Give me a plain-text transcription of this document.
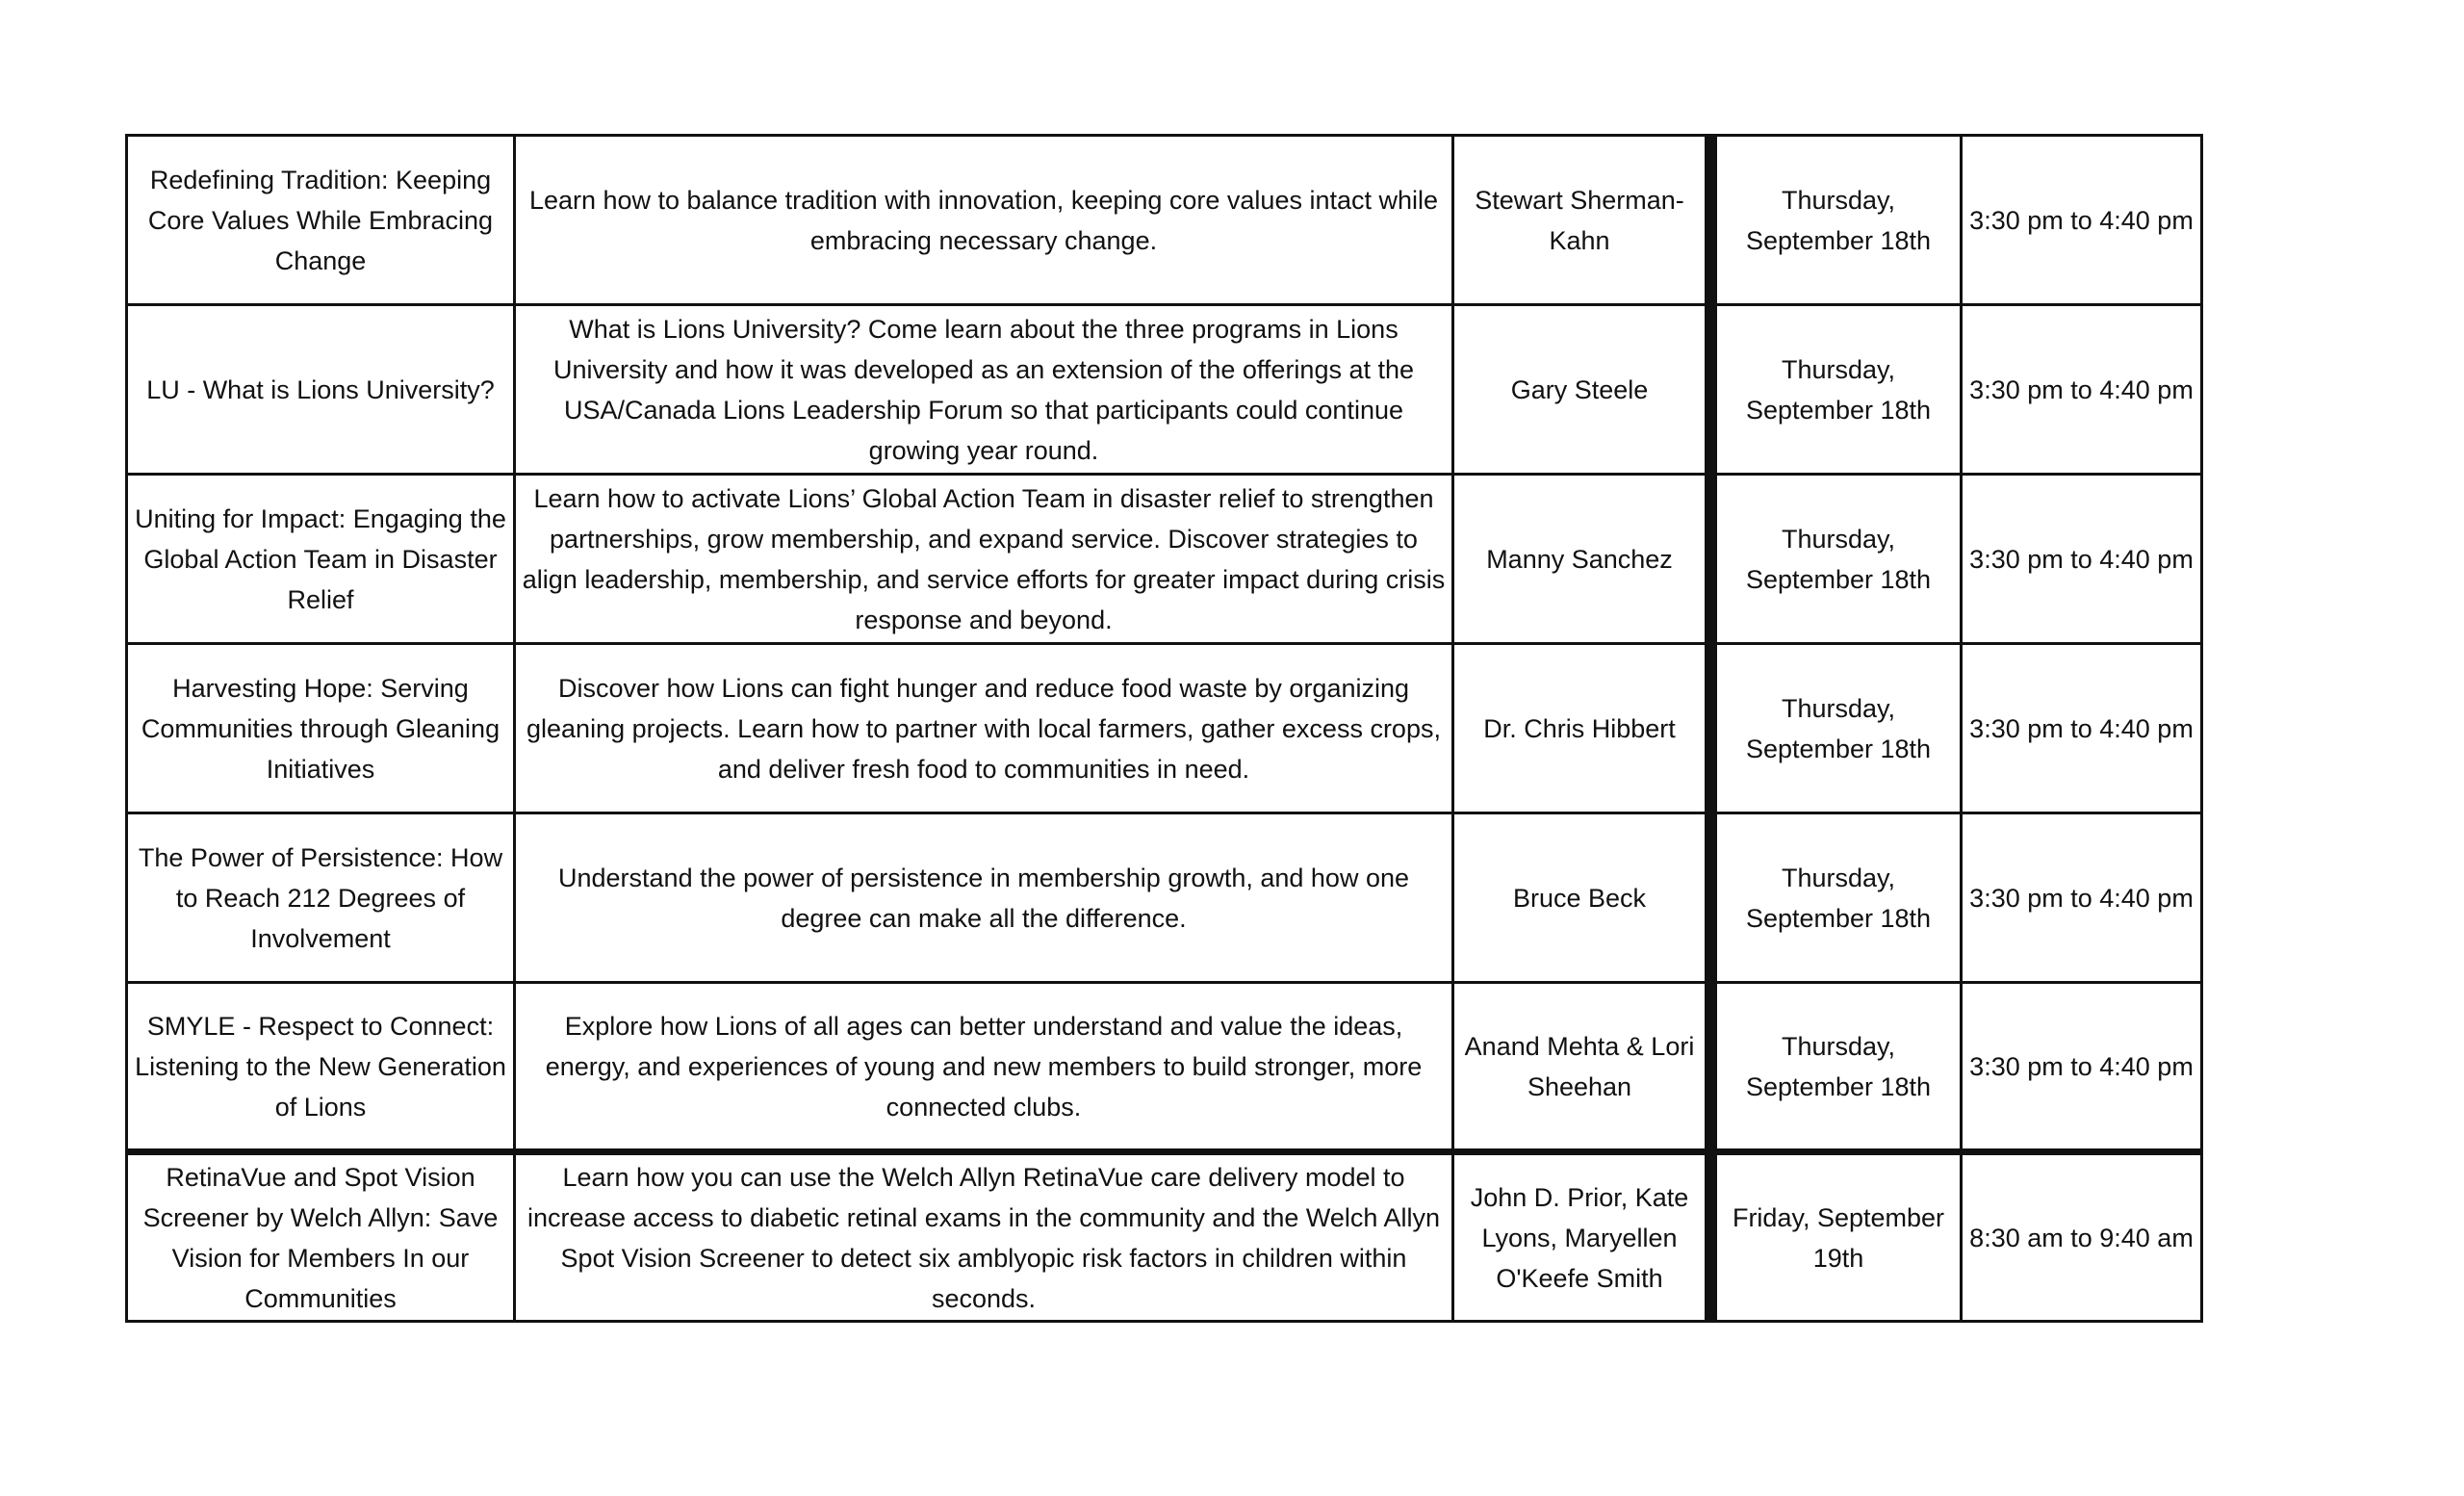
Redefining Tradition: Keeping Core Values While Embracing Change	Learn how to balance tradition with innovation, keeping core values intact while embracing necessary change.	Stewart Sherman-Kahn	Thursday, September 18th	3:30 pm to 4:40 pm
LU - What is Lions University?	What is Lions University? Come learn about the three programs in Lions University and how it was developed as an extension of the offerings at the USA/Canada Lions Leadership Forum so that participants could continue growing year round.	Gary Steele	Thursday, September 18th	3:30 pm to 4:40 pm
Uniting for Impact: Engaging the Global Action Team in Disaster Relief	Learn how to activate Lions’ Global Action Team in disaster relief to strengthen partnerships, grow membership, and expand service. Discover strategies to align leadership, membership, and service efforts for greater impact during crisis response and beyond.	Manny Sanchez	Thursday, September 18th	3:30 pm to 4:40 pm
Harvesting Hope: Serving Communities through Gleaning Initiatives	Discover how Lions can fight hunger and reduce food waste by organizing gleaning projects. Learn how to partner with local farmers, gather excess crops, and deliver fresh food to communities in need.	Dr. Chris Hibbert	Thursday, September 18th	3:30 pm to 4:40 pm
The Power of Persistence: How to Reach 212 Degrees of Involvement	Understand the power of persistence in membership growth, and how one degree can make all the difference.	Bruce Beck	Thursday, September 18th	3:30 pm to 4:40 pm
SMYLE - Respect to Connect: Listening to the New Generation of Lions	Explore how Lions of all ages can better understand and value the ideas, energy, and experiences of young and new members to build stronger, more connected clubs.	Anand Mehta & Lori Sheehan	Thursday, September 18th	3:30 pm to 4:40 pm
RetinaVue and Spot Vision Screener by Welch Allyn: Save Vision for Members In our Communities	Learn how you can use the Welch Allyn RetinaVue care delivery model to increase access to diabetic retinal exams in the community and the Welch Allyn Spot Vision Screener to detect six amblyopic risk factors in children within seconds.	John D. Prior, Kate Lyons, Maryellen O'Keefe Smith	Friday, September 19th	8:30 am to 9:40 am
